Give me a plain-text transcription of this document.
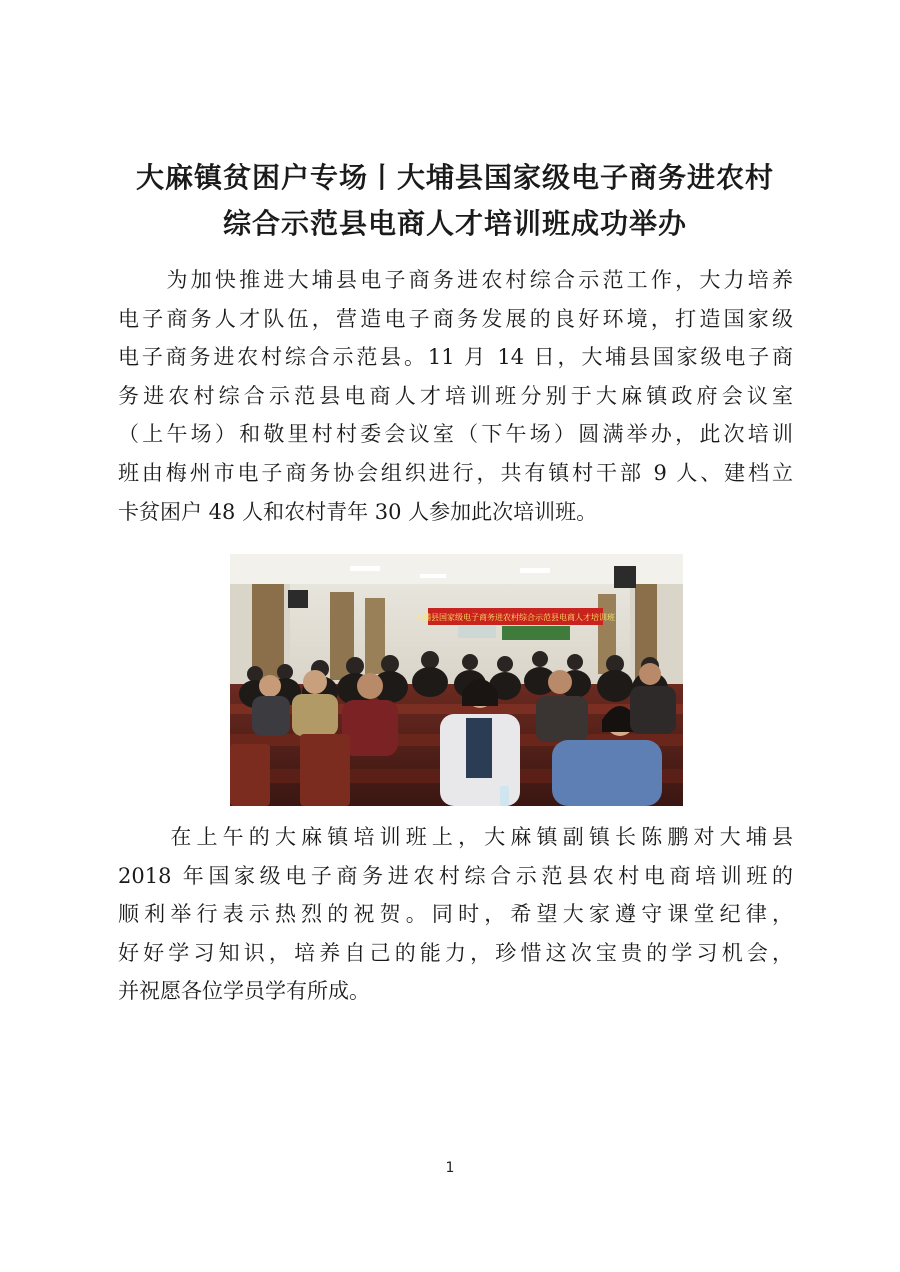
大麻镇贫困户专场丨大埔县国家级电子商务进农村
综合示范县电商人才培训班成功举办
　　为加快推进大埔县电子商务进农村综合示范工作，大力培养
电子商务人才队伍，营造电子商务发展的良好环境，打造国家级
电子商务进农村综合示范县。11 月 14 日，大埔县国家级电子商
务进农村综合示范县电商人才培训班分别于大麻镇政府会议室
（上午场）和敬里村村委会议室（下午场）圆满举办，此次培训
班由梅州市电子商务协会组织进行，共有镇村干部 9 人、建档立
卡贫困户 48 人和农村青年 30 人参加此次培训班。
大埔县国家级电子商务进农村综合示范县电商人才培训班
　　在上午的大麻镇培训班上，大麻镇副镇长陈鹏对大埔县
2018 年国家级电子商务进农村综合示范县农村电商培训班的
顺利举行表示热烈的祝贺。同时，希望大家遵守课堂纪律，
好好学习知识，培养自己的能力，珍惜这次宝贵的学习机会，
并祝愿各位学员学有所成。
1
